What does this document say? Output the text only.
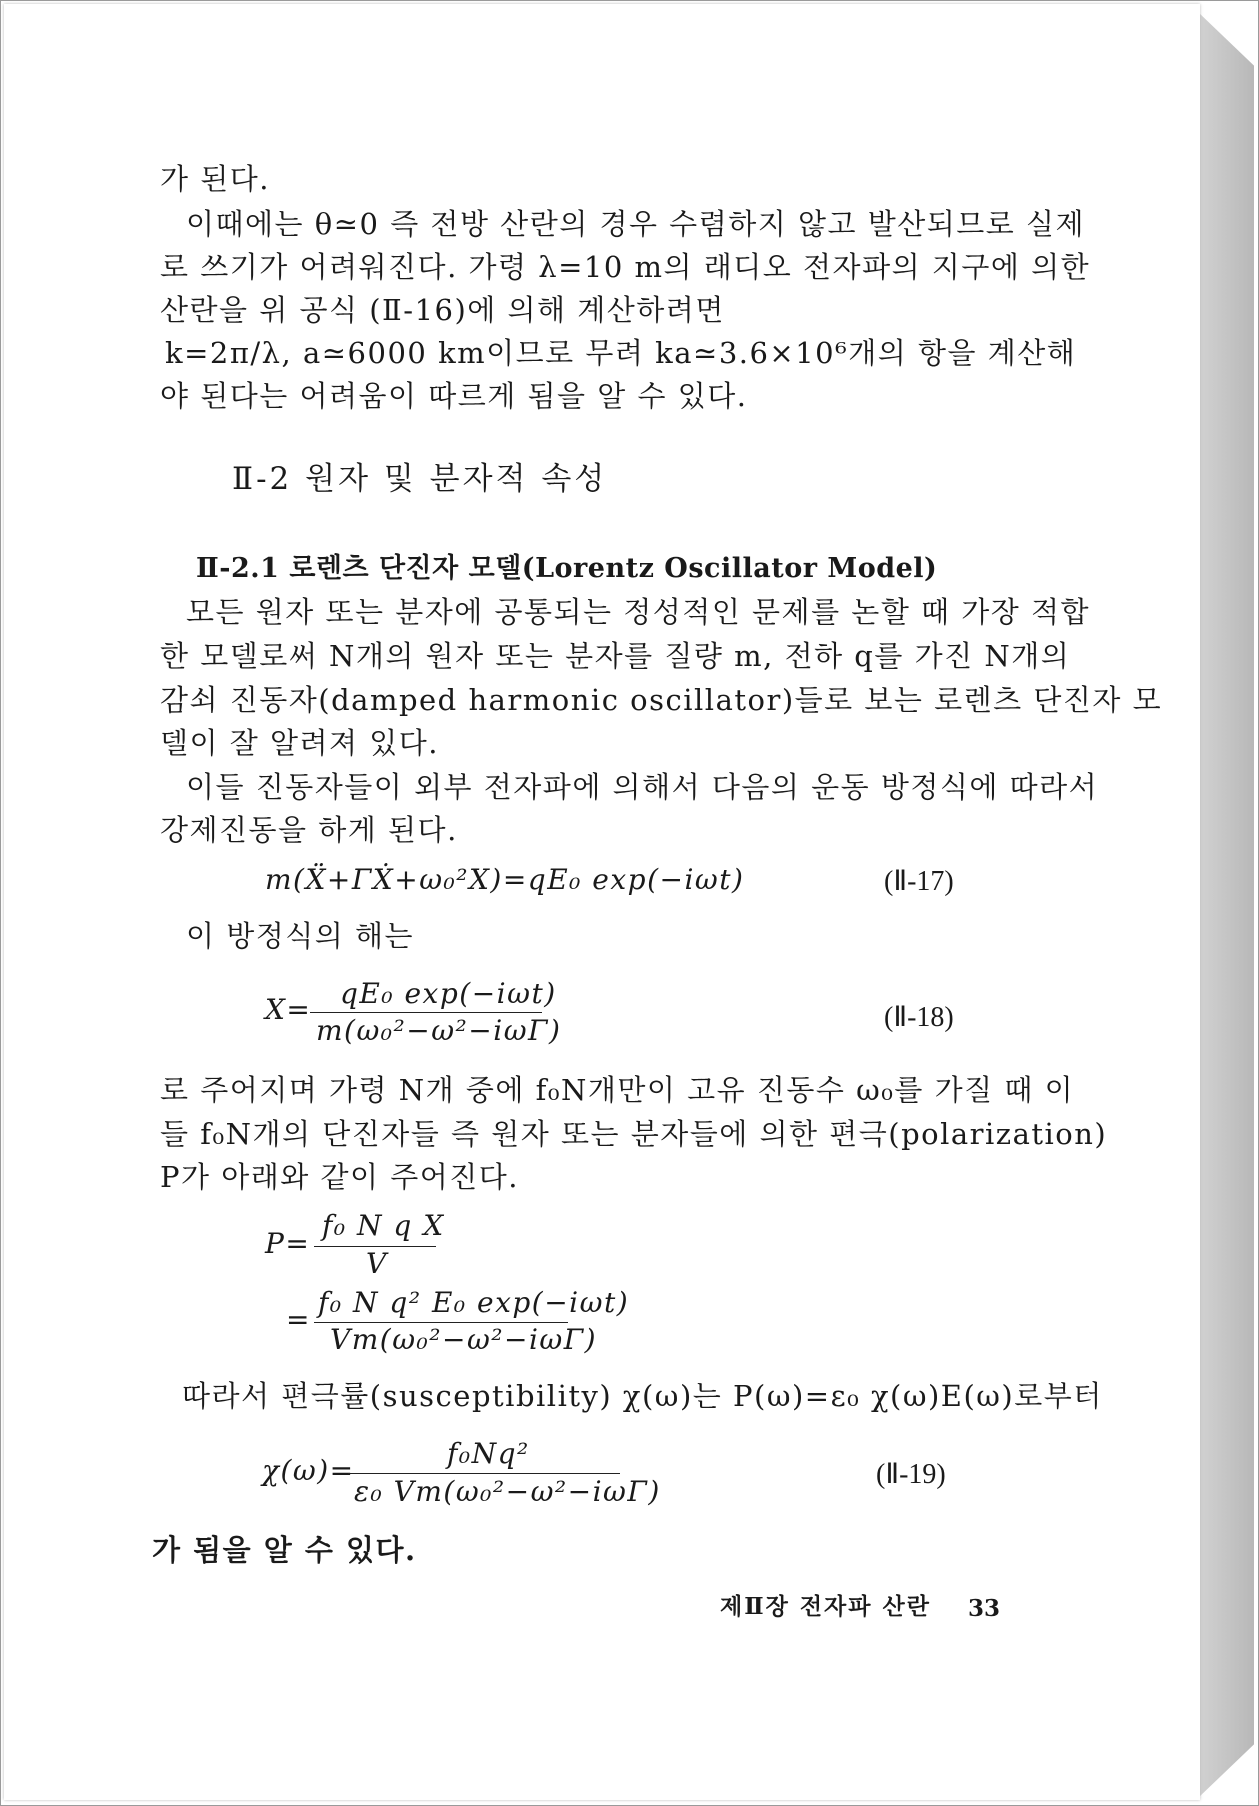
가 된다.
이때에는 θ≃0 즉 전방 산란의 경우 수렴하지 않고 발산되므로 실제
로 쓰기가 어려워진다. 가령 λ=10 m의 래디오 전자파의 지구에 의한
산란을 위 공식 (Ⅱ-16)에 의해 계산하려면
k=2π/λ, a≃6000 km이므로 무려 ka≃3.6×10⁶개의 항을 계산해
야 된다는 어려움이 따르게 됨을 알 수 있다.
Ⅱ-2 원자 및 분자적 속성
Ⅱ-2.1 로렌츠 단진자 모델(Lorentz Oscillator Model)
모든 원자 또는 분자에 공통되는 정성적인 문제를 논할 때 가장 적합
한 모델로써 N개의 원자 또는 분자를 질량 m, 전하 q를 가진 N개의
감쇠 진동자(damped harmonic oscillator)들로 보는 로렌츠 단진자 모
델이 잘 알려져 있다.
이들 진동자들이 외부 전자파에 의해서 다음의 운동 방정식에 따라서
강제진동을 하게 된다.
m(Ẍ+ΓẊ+ω₀²X)=qE₀ exp(−iωt)	(Ⅱ-17)
이 방정식의 해는
X= qE₀ exp(−iωt)
m(ω₀²−ω²−iωΓ)	(Ⅱ-18)
로 주어지며 가령 N개 중에 f₀N개만이 고유 진동수 ω₀를 가질 때 이
들 f₀N개의 단진자들 즉 원자 또는 분자들에 의한 편극(polarization)
P가 아래와 같이 주어진다.
P=
f₀ N q X
V
=
f₀ N q² E₀ exp(−iωt)
Vm(ω₀²−ω²−iωΓ)
따라서 편극률(susceptibility) χ(ω)는 P(ω)=ε₀ χ(ω)E(ω)로부터
χ(ω)=
f₀Nq²
ε₀ Vm(ω₀²−ω²−iωΓ)
(Ⅱ-19)
가 됨을 알 수 있다.
제Ⅱ장 전자파 산란 33
